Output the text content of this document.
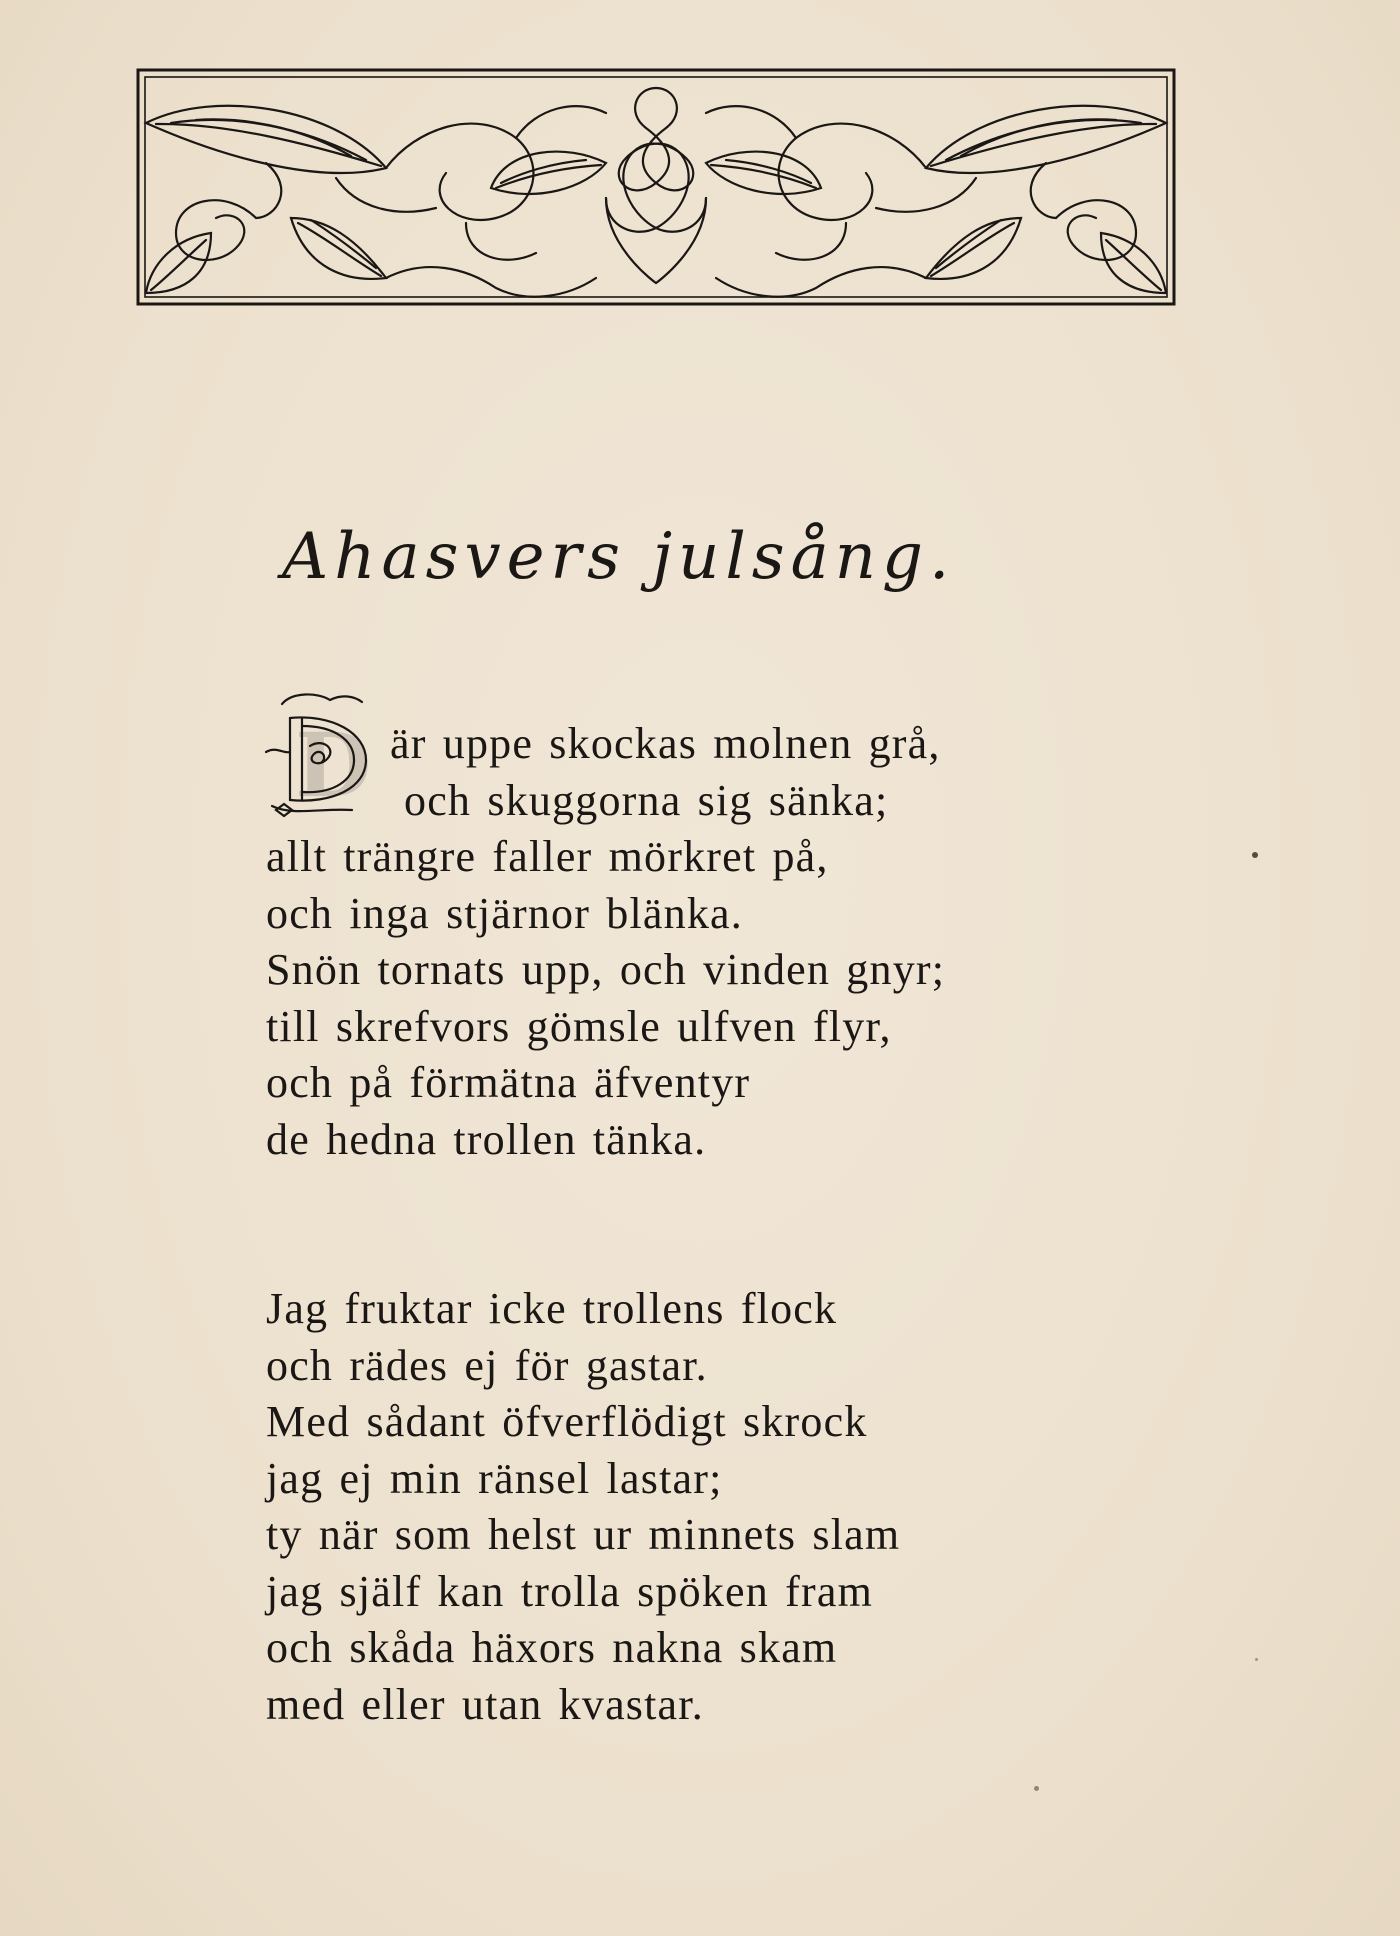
Ahasvers julsång.
D är uppe skockas molnen grå,
och skuggorna sig sänka;
allt trängre faller mörkret på,
och inga stjärnor blänka.
Snön tornats upp, och vinden gnyr;
till skrefvors gömsle ulfven flyr,
och på förmätna äfventyr
de hedna trollen tänka.
Jag fruktar icke trollens flock
och rädes ej för gastar.
Med sådant öfverflödigt skrock
jag ej min ränsel lastar;
ty när som helst ur minnets slam
jag själf kan trolla spöken fram
och skåda häxors nakna skam
med eller utan kvastar.
